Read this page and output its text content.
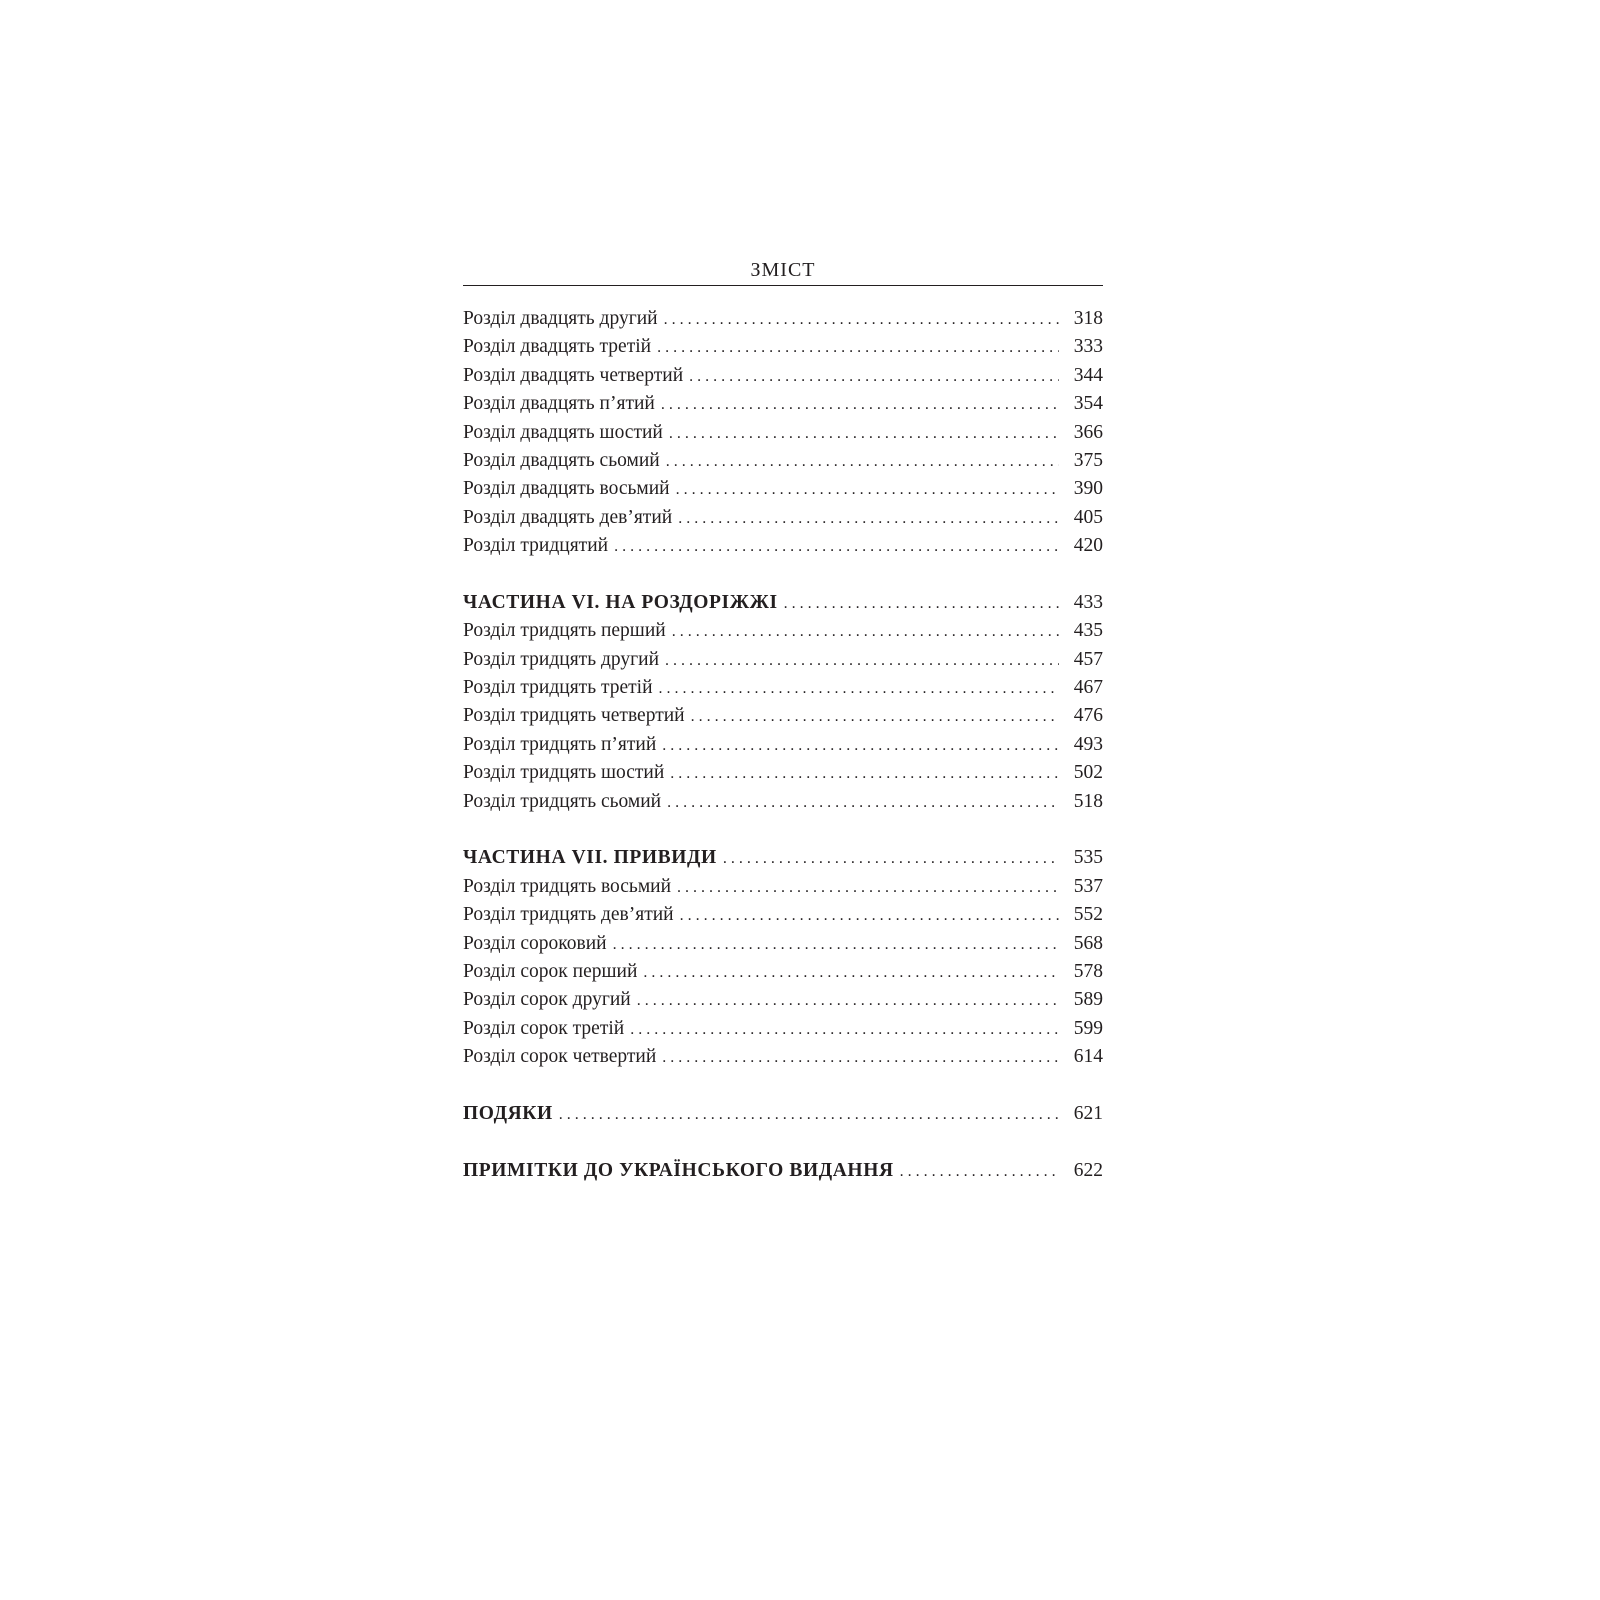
ЗМІСТ
Розділ двадцять другий . . .	318
Розділ двадцять третій . . .	333
Розділ двадцять четвертий . . .	344
Розділ двадцять п’ятий . . .	354
Розділ двадцять шостий . . .	366
Розділ двадцять сьомий . . .	375
Розділ двадцять восьмий . . .	390
Розділ двадцять дев’ятий . . .	405
Розділ тридцятий . . .	420
ЧАСТИНА VI. НА РОЗДОРІЖЖІ . . .	433
Розділ тридцять перший . . .	435
Розділ тридцять другий . . .	457
Розділ тридцять третій . . .	467
Розділ тридцять четвертий . . .	476
Розділ тридцять п’ятий . . .	493
Розділ тридцять шостий . . .	502
Розділ тридцять сьомий . . .	518
ЧАСТИНА VII. ПРИВИДИ . . .	535
Розділ тридцять восьмий . . .	537
Розділ тридцять дев’ятий . . .	552
Розділ сороковий . . .	568
Розділ сорок перший . . .	578
Розділ сорок другий . . .	589
Розділ сорок третій . . .	599
Розділ сорок четвертий . . .	614
ПОДЯКИ . . .	621
ПРИМІТКИ ДО УКРАЇНСЬКОГО ВИДАННЯ . . .	622
